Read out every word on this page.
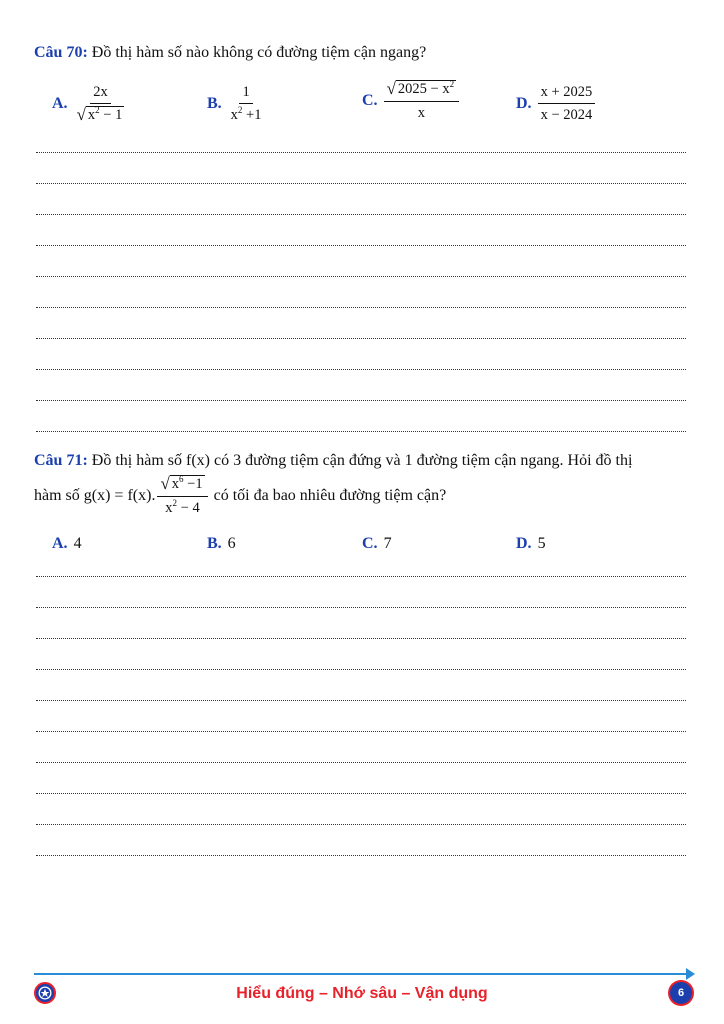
Câu 70: Đồ thị hàm số nào không có đường tiệm cận ngang?
A. $\frac{2x}{√ x^2 - 1}$	B. $\frac{1}{x^2 +1}$	C. $\frac{√ 2025 - x^2}{x}$	D. $\frac{x + 2025}{x - 2024}$
Câu 71: Đồ thị hàm số f(x) có 3 đường tiệm cận đứng và 1 đường tiệm cận ngang. Hỏi đồ thị
hàm số g(x) = f(x). $\frac{√ x^6 -1}{x^2 - 4}$ có tối đa bao nhiêu đường tiệm cận?
A. 4	B. 6	C. 7	D. 5
Hiểu đúng – Nhớ sâu – Vận dụng	6
